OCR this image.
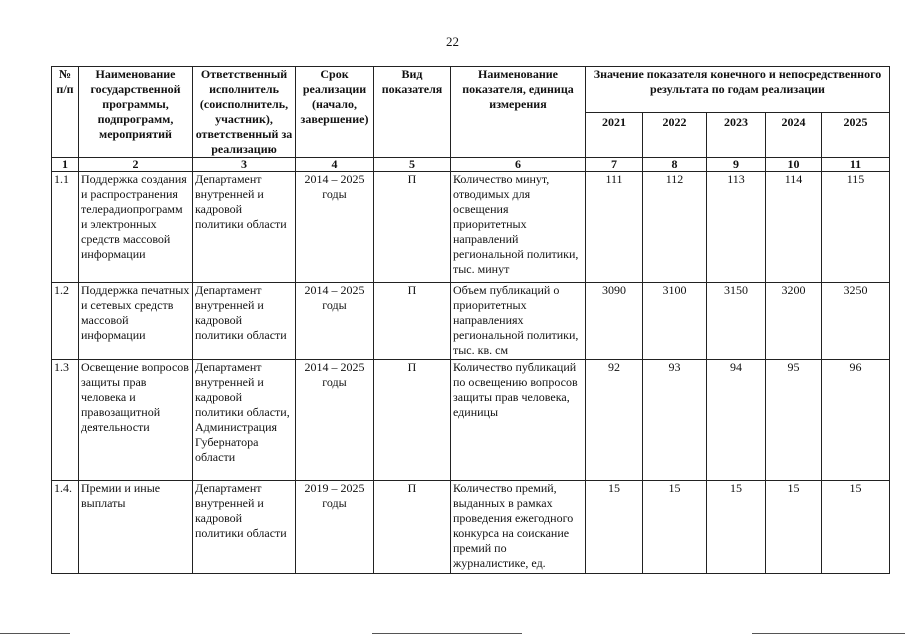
22
№ п/п	Наименование государственной программы, подпрограмм, мероприятий	Ответственный исполнитель (соисполнитель, участник), ответственный за реализацию	Срок реализации (начало, завершение)	Вид показателя	Наименование показателя, единица измерения	Значение показателя конечного и непосредственного результата по годам реализации				
						2021	2022	2023	2024	2025
1	2	3	4	5	6	7	8	9	10	11
1.1	Поддержка создания и распространения телерадиопрограмм и электронных средств массовой информации	Департамент внутренней и кадровой политики области	2014 – 2025 годы	П	Количество минут, отводимых для освещения приоритетных направлений региональной политики, тыс. минут	111	112	113	114	115
1.2	Поддержка печатных и сетевых средств массовой информации	Департамент внутренней и кадровой политики области	2014 – 2025 годы	П	Объем публикаций о приоритетных направлениях региональной политики, тыс. кв. см	3090	3100	3150	3200	3250
1.3	Освещение вопросов защиты прав человека и правозащитной деятельности	Департамент внутренней и кадровой политики области, Администрация Губернатора области	2014 – 2025 годы	П	Количество публикаций по освещению вопросов защиты прав человека, единицы	92	93	94	95	96
1.4.	Премии и иные выплаты	Департамент внутренней и кадровой политики области	2019 – 2025 годы	П	Количество премий, выданных в рамках проведения ежегодного конкурса на соискание премий по журналистике, ед.	15	15	15	15	15
